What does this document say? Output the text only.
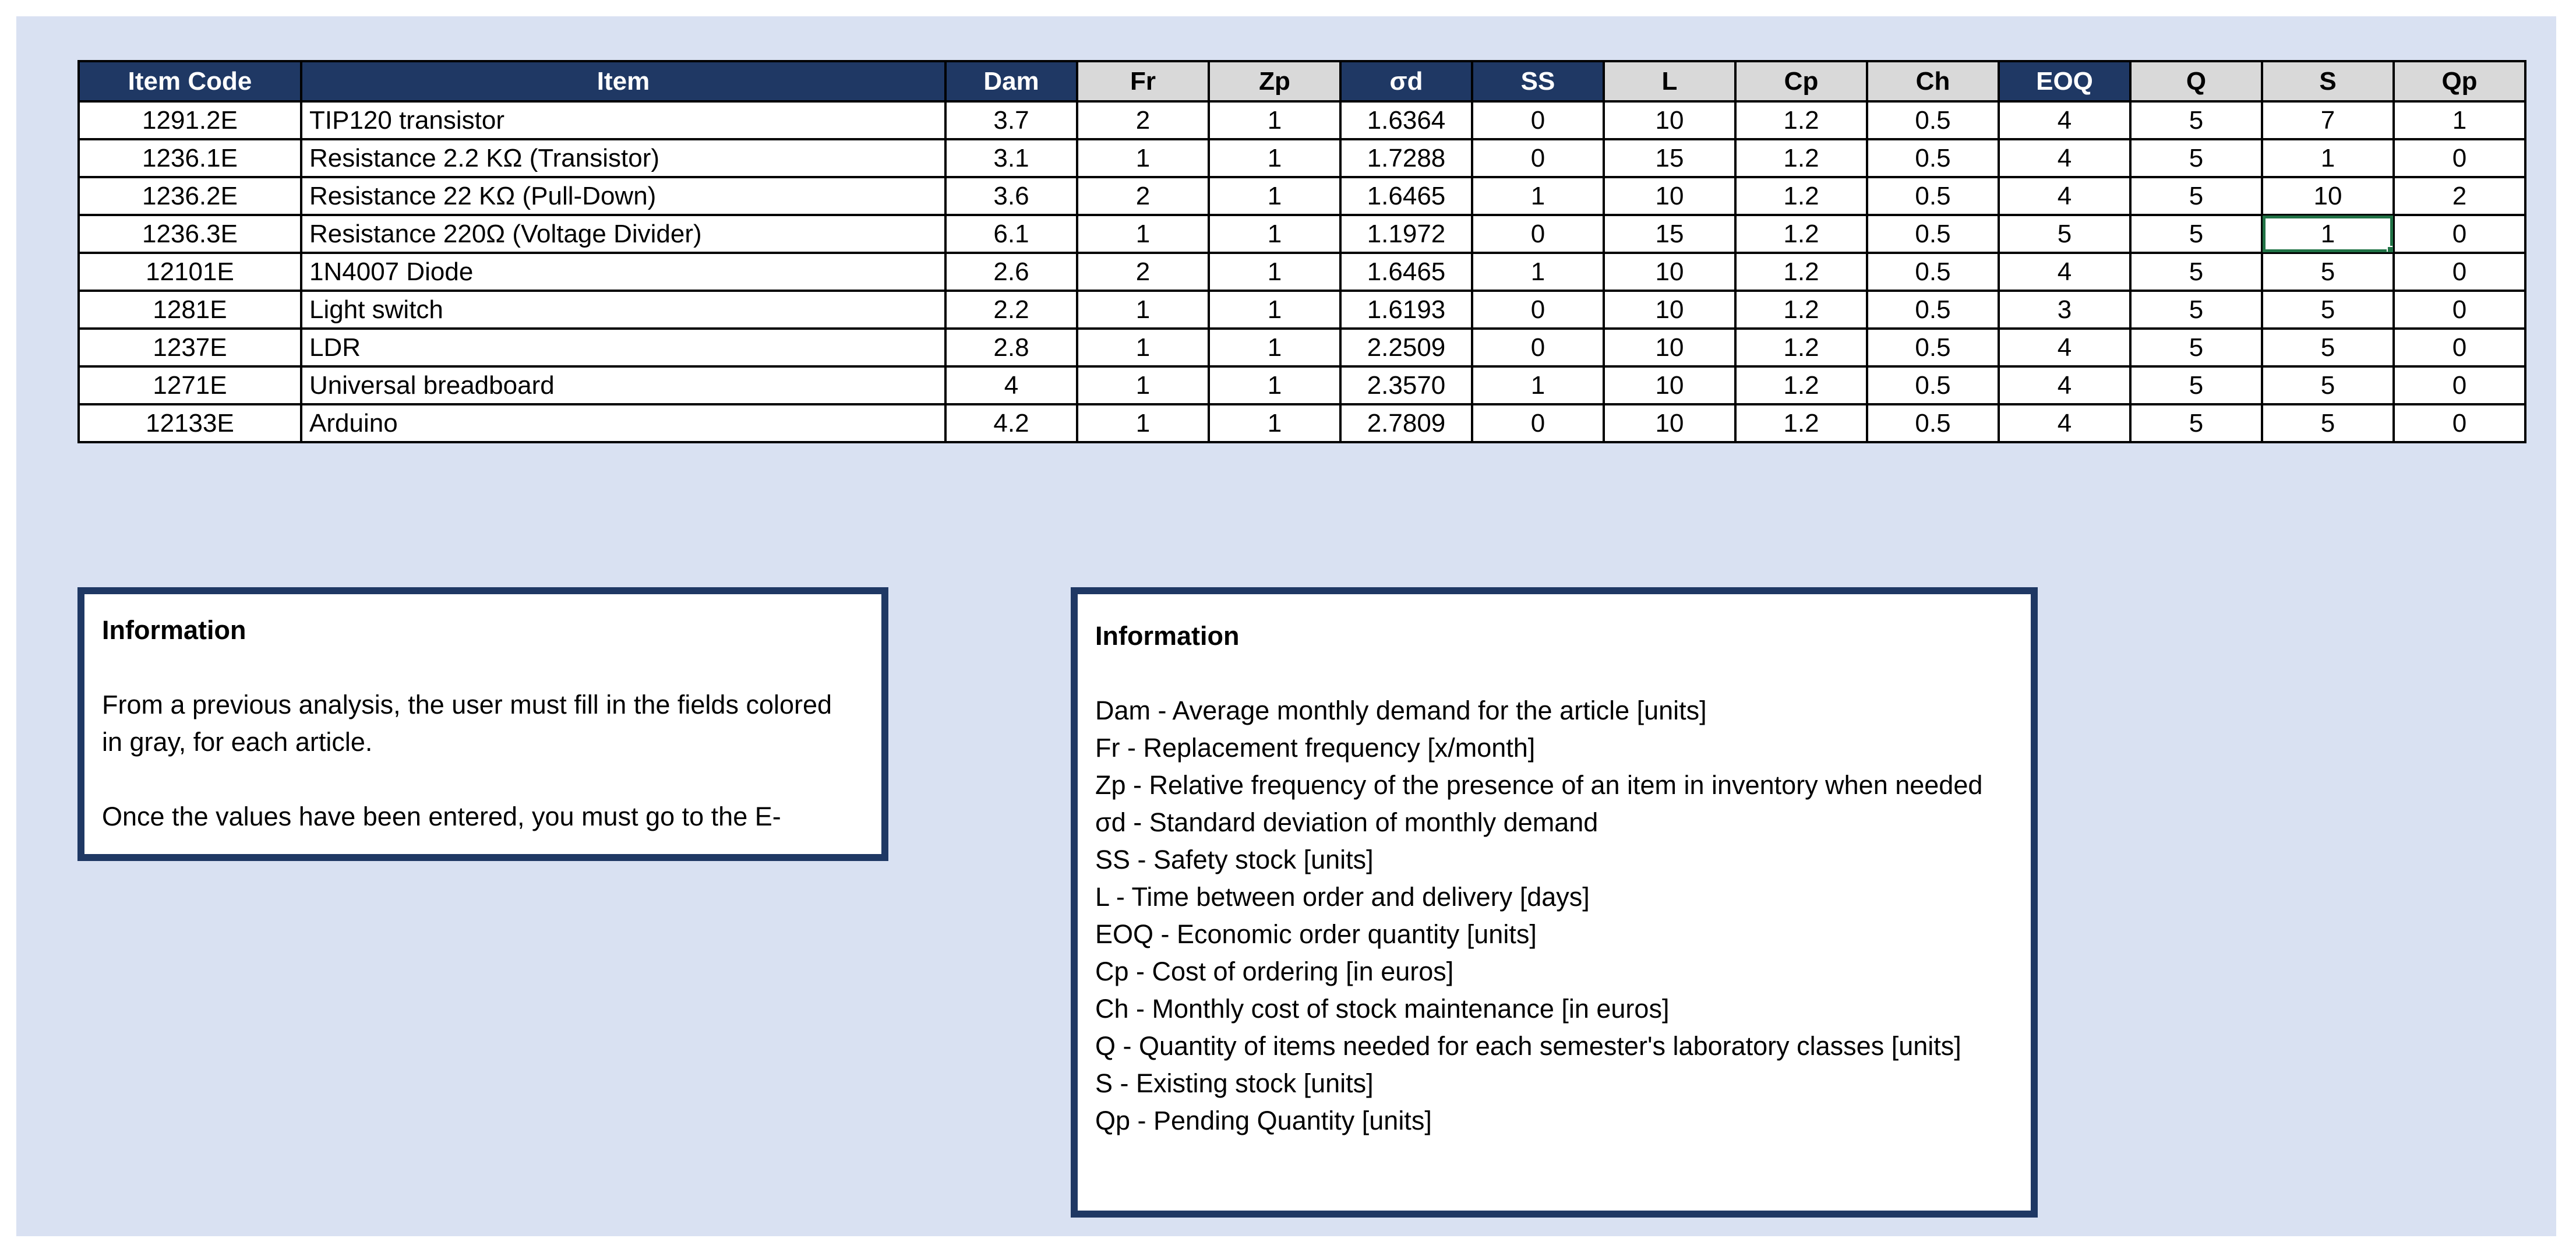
Item Code	Item	Dam	Fr	Zp	σd	SS	L	Cp	Ch	EOQ	Q	S	Qp
1291.2E	TIP120 transistor	3.7	2	1	1.6364	0	10	1.2	0.5	4	5	7	1
1236.1E	Resistance 2.2 KΩ (Transistor)	3.1	1	1	1.7288	0	15	1.2	0.5	4	5	1	0
1236.2E	Resistance 22 KΩ (Pull-Down)	3.6	2	1	1.6465	1	10	1.2	0.5	4	5	10	2
1236.3E	Resistance 220Ω (Voltage Divider)	6.1	1	1	1.1972	0	15	1.2	0.5	5	5	1	0
12101E	1N4007 Diode	2.6	2	1	1.6465	1	10	1.2	0.5	4	5	5	0
1281E	Light switch	2.2	1	1	1.6193	0	10	1.2	0.5	3	5	5	0
1237E	LDR	2.8	1	1	2.2509	0	10	1.2	0.5	4	5	5	0
1271E	Universal breadboard	4	1	1	2.3570	1	10	1.2	0.5	4	5	5	0
12133E	Arduino	4.2	1	1	2.7809	0	10	1.2	0.5	4	5	5	0

Information

From a previous analysis, the user must fill in the fields colored

in gray, for each article.

Once the values have been entered, you must go to the E-

Information

Dam - Average monthly demand for the article [units]

Fr - Replacement frequency [x/month]

Zp - Relative frequency of the presence of an item in inventory when needed

σd - Standard deviation of monthly demand

SS - Safety stock [units]

L - Time between order and delivery [days]

EOQ - Economic order quantity [units]

Cp - Cost of ordering [in euros]

Ch - Monthly cost of stock maintenance [in euros]

Q - Quantity of items needed for each semester's laboratory classes [units]

S - Existing stock [units]

Qp - Pending Quantity [units]
